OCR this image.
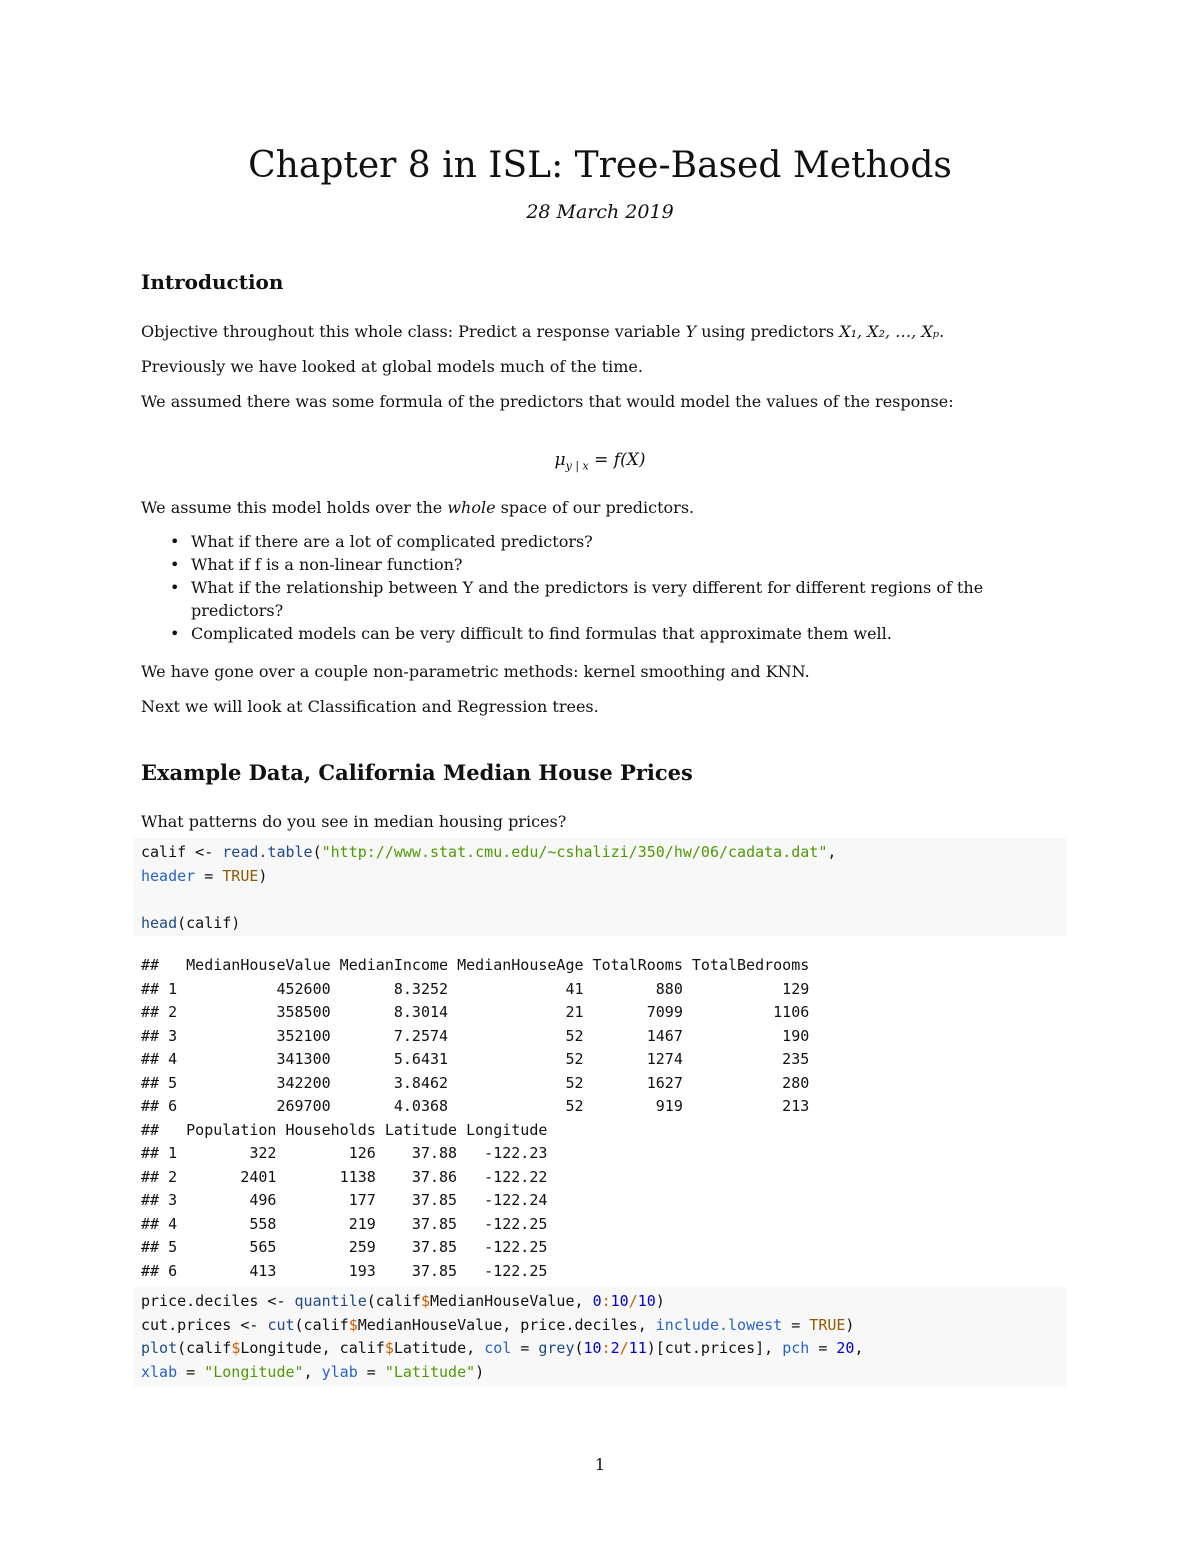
Chapter 8 in ISL: Tree-Based Methods
28 March 2019
Introduction

Objective throughout this whole class: Predict a response variable Y using predictors X₁, X₂, …, Xₚ.

Previously we have looked at global models much of the time.

We assumed there was some formula of the predictors that would model the values of the response:

$\mu_{y | x} = f(X)$

We assume this model holds over the whole space of our predictors.

• What if there are a lot of complicated predictors?
• What if f is a non-linear function?
• What if the relationship between Y and the predictors is very different for different regions of the
predictors?
• Complicated models can be very difficult to find formulas that approximate them well.

We have gone over a couple non-parametric methods: kernel smoothing and KNN.

Next we will look at Classification and Regression trees.

Example Data, California Median House Prices

What patterns do you see in median housing prices?

calif <- read.table("http://www.stat.cmu.edu/~cshalizi/350/hw/06/cadata.dat",
header = TRUE)

head(calif)
##   MedianHouseValue MedianIncome MedianHouseAge TotalRooms TotalBedrooms
## 1           452600       8.3252             41        880           129
## 2           358500       8.3014             21       7099          1106
## 3           352100       7.2574             52       1467           190
## 4           341300       5.6431             52       1274           235
## 5           342200       3.8462             52       1627           280
## 6           269700       4.0368             52        919           213
##   Population Households Latitude Longitude
## 1        322        126    37.88   -122.23
## 2       2401       1138    37.86   -122.22
## 3        496        177    37.85   -122.24
## 4        558        219    37.85   -122.25
## 5        565        259    37.85   -122.25
## 6        413        193    37.85   -122.25
price.deciles <- quantile(calif$MedianHouseValue, 0:10/10)
cut.prices <- cut(calif$MedianHouseValue, price.deciles, include.lowest = TRUE)
plot(calif$Longitude, calif$Latitude, col = grey(10:2/11)[cut.prices], pch = 20,
xlab = "Longitude", ylab = "Latitude")
1
